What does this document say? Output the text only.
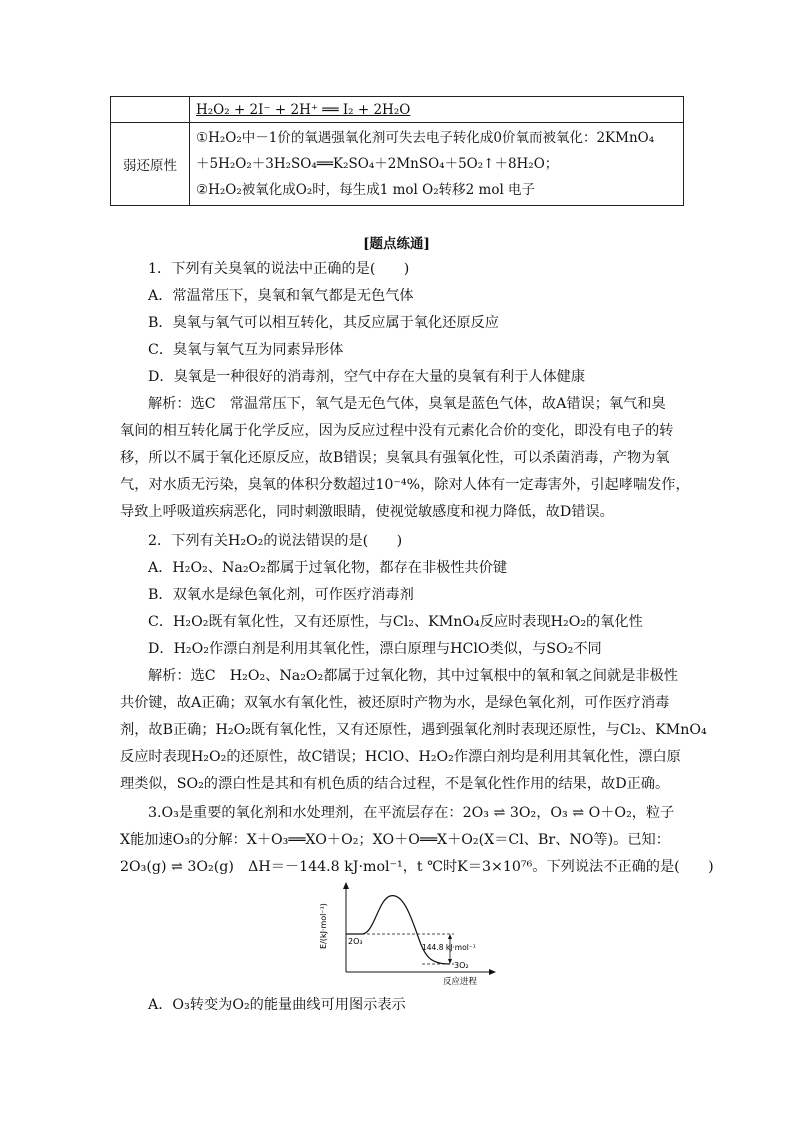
	H₂O₂ + 2I⁻ + 2H⁺ ══ I₂ + 2H₂O
弱还原性	①H₂O₂中－1价的氧遇强氧化剂可失去电子转化成0价氧而被氧化：2KMnO₄
＋5H₂O₂＋3H₂SO₄══K₂SO₄＋2MnSO₄＋5O₂↑＋8H₂O；
②H₂O₂被氧化成O₂时，每生成1 mol O₂转移2 mol 电子
[题点练通]
1．下列有关臭氧的说法中正确的是(　　)
A．常温常压下，臭氧和氧气都是无色气体
B．臭氧与氧气可以相互转化，其反应属于氧化还原反应
C．臭氧与氧气互为同素异形体
D．臭氧是一种很好的消毒剂，空气中存在大量的臭氧有利于人体健康
解析：选C　常温常压下，氧气是无色气体，臭氧是蓝色气体，故A错误；氧气和臭
氧间的相互转化属于化学反应，因为反应过程中没有元素化合价的变化，即没有电子的转
移，所以不属于氧化还原反应，故B错误；臭氧具有强氧化性，可以杀菌消毒，产物为氧
气，对水质无污染，臭氧的体积分数超过10⁻⁴%，除对人体有一定毒害外，引起哮喘发作，
导致上呼吸道疾病恶化，同时刺激眼睛，使视觉敏感度和视力降低，故D错误。
2．下列有关H₂O₂的说法错误的是(　　)
A．H₂O₂、Na₂O₂都属于过氧化物，都存在非极性共价键
B．双氧水是绿色氧化剂，可作医疗消毒剂
C．H₂O₂既有氧化性，又有还原性，与Cl₂、KMnO₄反应时表现H₂O₂的氧化性
D．H₂O₂作漂白剂是利用其氧化性，漂白原理与HClO类似，与SO₂不同
解析：选C　H₂O₂、Na₂O₂都属于过氧化物，其中过氧根中的氧和氧之间就是非极性
共价键，故A正确；双氧水有氧化性，被还原时产物为水，是绿色氧化剂，可作医疗消毒
剂，故B正确；H₂O₂既有氧化性，又有还原性，遇到强氧化剂时表现还原性，与Cl₂、KMnO₄
反应时表现H₂O₂的还原性，故C错误；HClO、H₂O₂作漂白剂均是利用其氧化性，漂白原
理类似，SO₂的漂白性是其和有机色质的结合过程，不是氧化性作用的结果，故D正确。
3.O₃是重要的氧化剂和水处理剂，在平流层存在：2O₃ ⇌ 3O₂，O₃ ⇌ O＋O₂，粒子
X能加速O₃的分解：X＋O₃══XO＋O₂；XO＋O══X＋O₂(X＝Cl、Br、NO等)。已知：
2O₃(g) ⇌ 3O₂(g)　ΔH＝－144.8 kJ·mol⁻¹，t ℃时K＝3×10⁷⁶。下列说法不正确的是(　　)
E/(kJ·mol⁻¹)	2O₃
144.8 kJ·mol⁻¹
3O₂
反应进程
A．O₃转变为O₂的能量曲线可用图示表示
